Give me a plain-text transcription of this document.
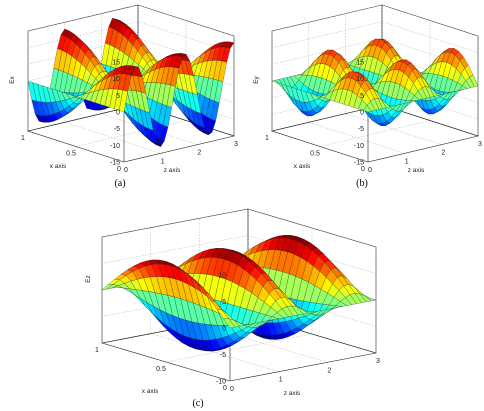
15
10
5
0
-5
-10
-15
0
0.5
1
0
1
2
3
Ex
x axis
z axis
(a)
15
10
5
0
-5
-10
-15
0
0.5
1
0
1
2
3
Ey
x axis
z axis
(b)
10
5
0
-5
-10
0
0.5
1
0
1
2
3
Ez
x axis	z axis
(c)
